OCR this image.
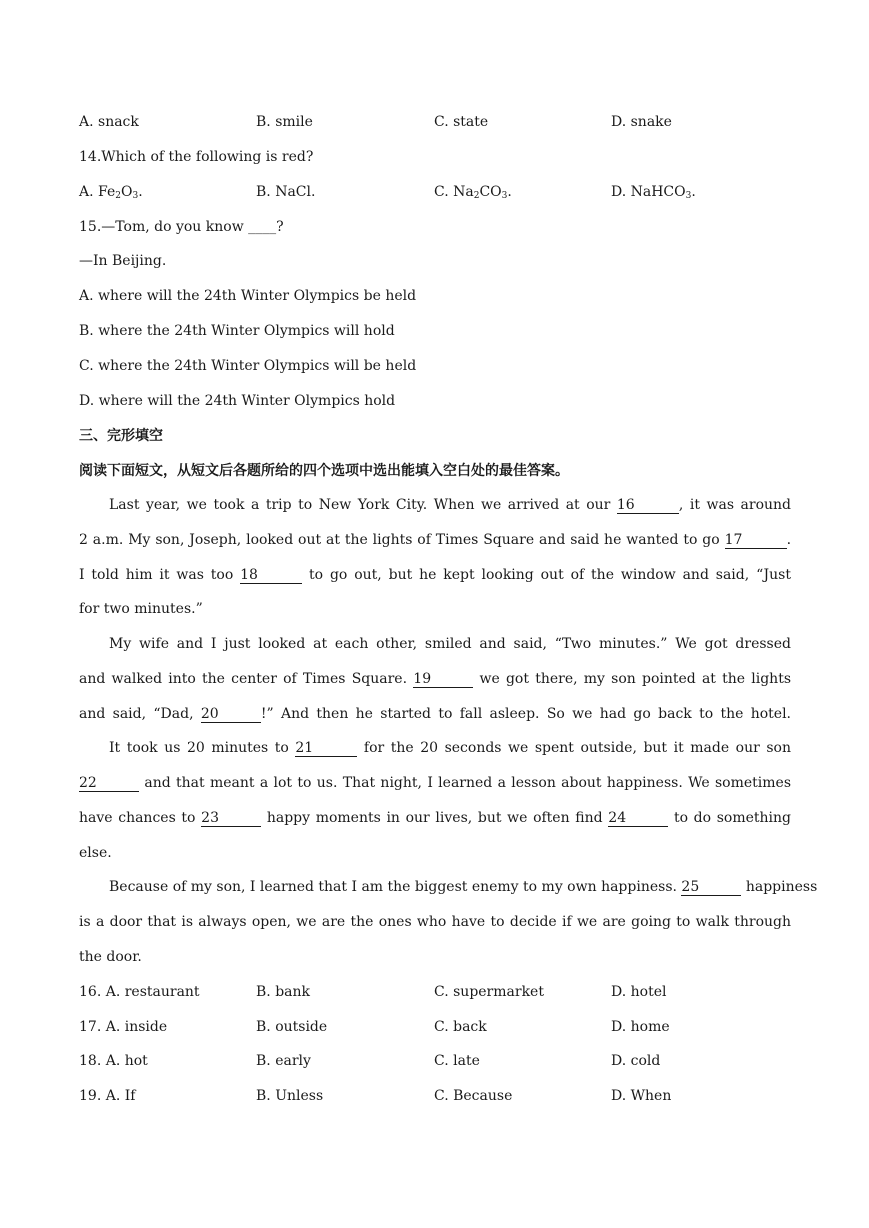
A. snack	B. smile	C. state	D. snake
14.Which of the following is red?
A. $Fe_2O_3$.	B. NaCl.	C. $Na_2CO_3$.	D. NaHCO$_3$.
15.—Tom, do you know ____?
—In Beijing.
A. where will the 24th Winter Olympics be held
B. where the 24th Winter Olympics will hold
C. where the 24th Winter Olympics will be held
D. where will the 24th Winter Olympics hold
三、完形填空
阅读下面短文，从短文后各题所给的四个选项中选出能填入空白处的最佳答案。
Last year, we took a trip to New York City. When we arrived at our 16	, it was around
2 a.m. My son, Joseph, looked out at the lights of Times Square and said he wanted to go 17	.
I told him it was too 18	to go out, but he kept looking out of the window and said, “Just
for two minutes.”
My wife and I just looked at each other, smiled and said, “Two minutes.” We got dressed
and walked into the center of Times Square. 19	we got there, my son pointed at the lights
and said, “Dad, 20	!” And then he started to fall asleep. So we had go back to the hotel.
It took us 20 minutes to 21	for the 20 seconds we spent outside, but it made our son
22	and that meant a lot to us. That night, I learned a lesson about happiness. We sometimes
have chances to 23	happy moments in our lives, but we often find 24	to do something
else.
Because of my son, I learned that I am the biggest enemy to my own happiness. 25	happiness
is a door that is always open, we are the ones who have to decide if we are going to walk through
the door.
16. A. restaurant	B. bank	C. supermarket	D. hotel
17. A. inside	B. outside	C. back	D. home
18. A. hot	B. early	C. late	D. cold
19. A. If	B. Unless	C. Because	D. When
